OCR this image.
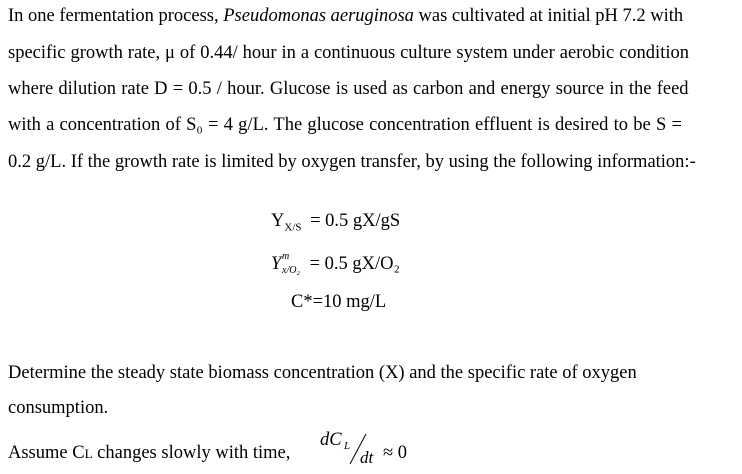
In one fermentation process, Pseudomonas aeruginosa was cultivated at initial pH 7.2 with
specific growth rate, μ of 0.44/ hour in a continuous culture system under aerobic condition
where dilution rate D = 0.5 / hour. Glucose is used as carbon and energy source in the feed
with a concentration of S₀ = 4 g/L. The glucose concentration effluent is desired to be S =
0.2 g/L. If the growth rate is limited by oxygen transfer, by using the following information:-
$Y_{X/S} = 0.5$ gX/gS
Y m
x/O₂ = 0.5 gX/O₂
C*=10 mg/L
Determine the steady state biomass concentration (X) and the specific rate of oxygen
consumption.
Assume CL changes slowly with time,
dC L
dt ≈ 0
